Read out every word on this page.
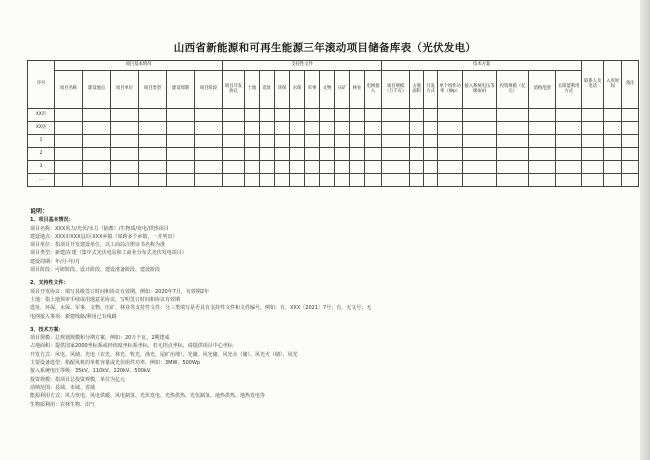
山西省新能源和可再生能源三年滚动项目储备库表（光伏发电）
序号	项目基本情况						支持性文件										技术方案								联系人及电话	入库时间	备注
	项目名称	建设地点	项目单位	项目类型	建设周期	项目阶段	项目开发协议	土地	选址	环保	水保	军事	文物	压矿	林业	电网接入	项目规模（万千瓦）	占地面积	开发方式	单个组件功率（Wp）	接入系统电压等级(kV)	投资规模（亿元）	消纳范围	太阳能利用方式			
XX市																											
XX县																											
1																											
2																											
3																											
...																											
说明：
1、项目基本情况：
项目名称：XXX风力/光伏/水力（抽蓄）/生物质/发电/供热项目
建设地点：XXX市XXX县/区XXX乡镇（如跨多个乡镇，一并列出）
项目单位：指项目开发建设单位，以工商局注册证书名称为准
项目类型：新建/在建（集中式光伏电站和工商业分布式光伏发电项目）
建设周期：年/月-年/月
项目阶段：可研阶段、设计阶段、建设准备阶段、建设阶段
2、支持性文件：
项目开发协议：填写县级签订时间和协议有效期，例如：2020年7月，有效期2年
土地：指土地预审手续或用地意见协议，写明签订时间和协议有效期
选址、环保、水保、军事、文物、压矿、林业等支持性文件：分三类填写是否具有支持性文件和文件编号，例如：有，XXX〔2021〕7号；有，无文号；无
电网接入事项：新建线路/利用已有线路
3、技术方案：
项目规模：总规划规模和分期方案，例如：20万千瓦，2期建成
占地面积：提供国家2000坐标系或经纬度坐标系坐标，若无拐点坐标，请提供项目中心坐标
开发方式：风电、风储、光电（农光、林光、牧光、渔光、尾矿治理）、光储、风光储、风光水（储）、风光火（储）、风光
主要设备选型：指配风机的单机容量或光伏组件功率，例如：3MW、500Wp
接入系统电压等级：35kV、110kV、220kV、500kV
投资规模：指项目总投资规模，单位为亿元
消纳范围：县域、市域、省域
能源利用方式：风力发电、风电供暖、风电制氢、光伏发电、光热供热、光伏制氢、地热供热、地热发电等
生物质利用：农林生物、沼气
